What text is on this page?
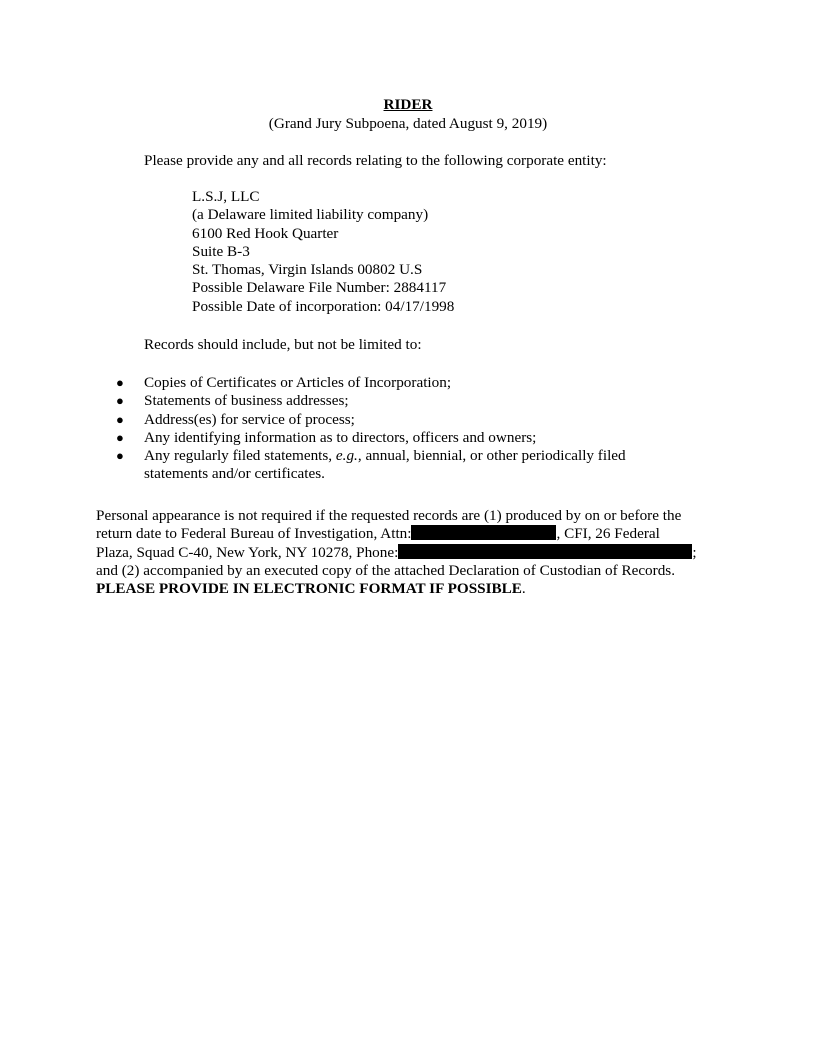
RIDER
(Grand Jury Subpoena, dated August 9, 2019)
Please provide any and all records relating to the following corporate entity:
L.S.J, LLC
(a Delaware limited liability company)
6100 Red Hook Quarter
Suite B-3
St. Thomas, Virgin Islands 00802 U.S
Possible Delaware File Number: 2884117
Possible Date of incorporation: 04/17/1998
Records should include, but not be limited to:
● Copies of Certificates or Articles of Incorporation;
● Statements of business addresses;
● Address(es) for service of process;
● Any identifying information as to directors, officers and owners;
● Any regularly filed statements, e.g., annual, biennial, or other periodically filed
statements and/or certificates.
Personal appearance is not required if the requested records are (1) produced by on or before the
return date to Federal Bureau of Investigation, Attn:	, CFI, 26 Federal
Plaza, Squad C-40, New York, NY 10278, Phone:	;
and (2) accompanied by an executed copy of the attached Declaration of Custodian of Records.
PLEASE PROVIDE IN ELECTRONIC FORMAT IF POSSIBLE.
